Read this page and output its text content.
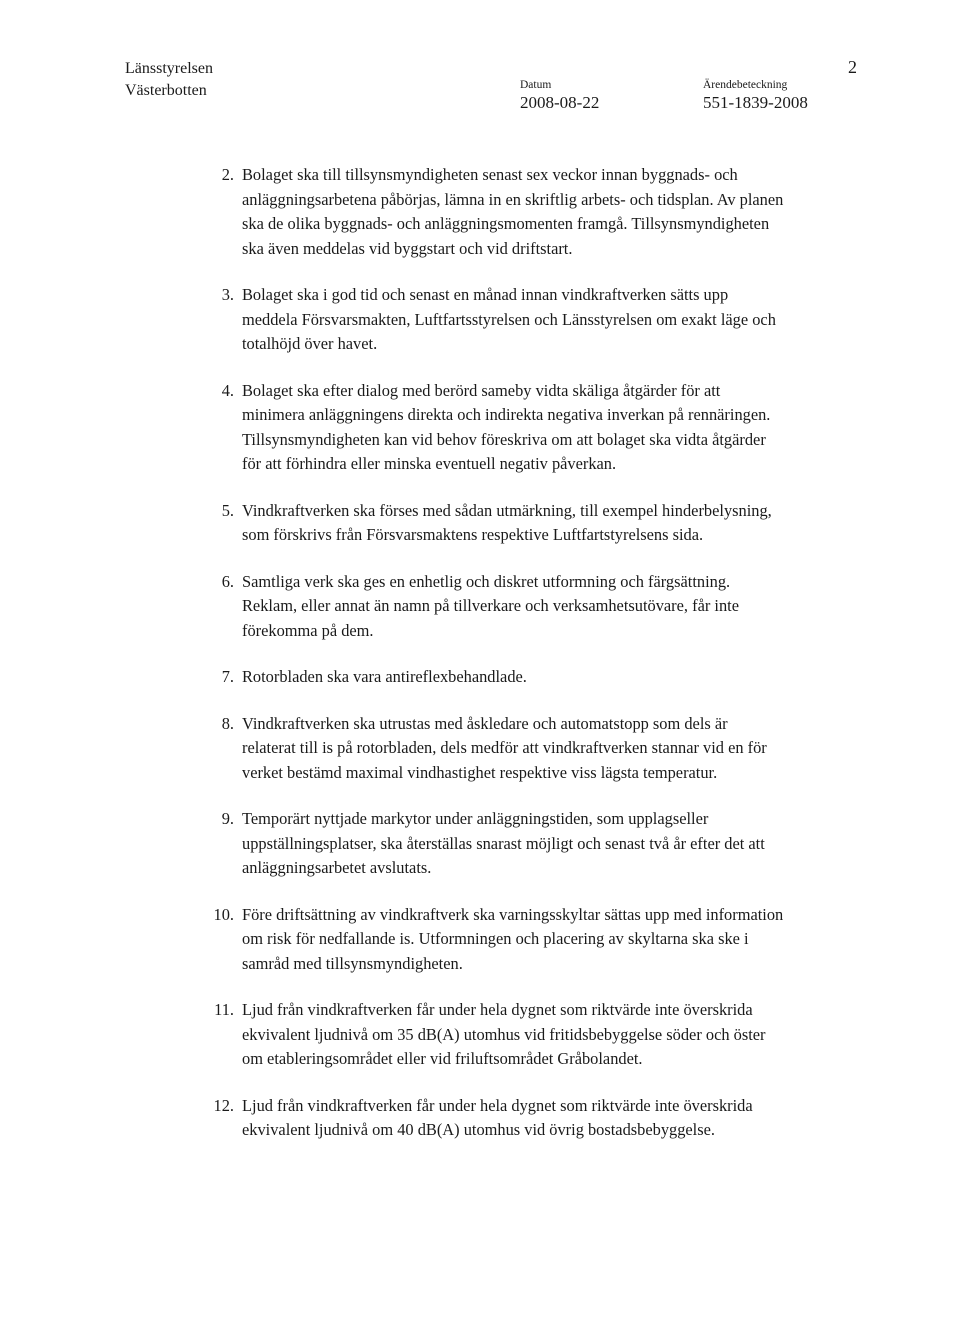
Länsstyrelsen
Västerbotten	Datum
2008-08-22
Ärendebeteckning
551-1839-2008
2
2. Bolaget ska till tillsynsmyndigheten senast sex veckor innan byggnads- och anläggningsarbetena påbörjas, lämna in en skriftlig arbets- och tidsplan. Av planen ska de olika byggnads- och anläggningsmomenten framgå. Tillsynsmyndigheten ska även meddelas vid byggstart och vid driftstart.
3. Bolaget ska i god tid och senast en månad innan vindkraftverken sätts upp meddela Försvarsmakten, Luftfartsstyrelsen och Länsstyrelsen om exakt läge och totalhöjd över havet.
4. Bolaget ska efter dialog med berörd sameby vidta skäliga åtgärder för att minimera anläggningens direkta och indirekta negativa inverkan på rennäringen. Tillsynsmyndigheten kan vid behov föreskriva om att bolaget ska vidta åtgärder för att förhindra eller minska eventuell negativ påverkan.
5. Vindkraftverken ska förses med sådan utmärkning, till exempel hinderbelysning, som förskrivs från Försvarsmaktens respektive Luftfartstyrelsens sida.
6. Samtliga verk ska ges en enhetlig och diskret utformning och färgsättning. Reklam, eller annat än namn på tillverkare och verksamhetsutövare, får inte förekomma på dem.
7. Rotorbladen ska vara antireflexbehandlade.
8. Vindkraftverken ska utrustas med åskledare och automatstopp som dels är relaterat till is på rotorbladen, dels medför att vindkraftverken stannar vid en för verket bestämd maximal vindhastighet respektive viss lägsta temperatur.
9. Temporärt nyttjade markytor under anläggningstiden, som upplagseller uppställningsplatser, ska återställas snarast möjligt och senast två år efter det att anläggningsarbetet avslutats.
10. Före driftsättning av vindkraftverk ska varningsskyltar sättas upp med information om risk för nedfallande is. Utformningen och placering av skyltarna ska ske i samråd med tillsynsmyndigheten.
11. Ljud från vindkraftverken får under hela dygnet som riktvärde inte överskrida ekvivalent ljudnivå om 35 dB(A) utomhus vid fritidsbebyggelse söder och öster om etableringsområdet eller vid friluftsområdet Gråbolandet.
12. Ljud från vindkraftverken får under hela dygnet som riktvärde inte överskrida ekvivalent ljudnivå om 40 dB(A) utomhus vid övrig bostadsbebyggelse.
